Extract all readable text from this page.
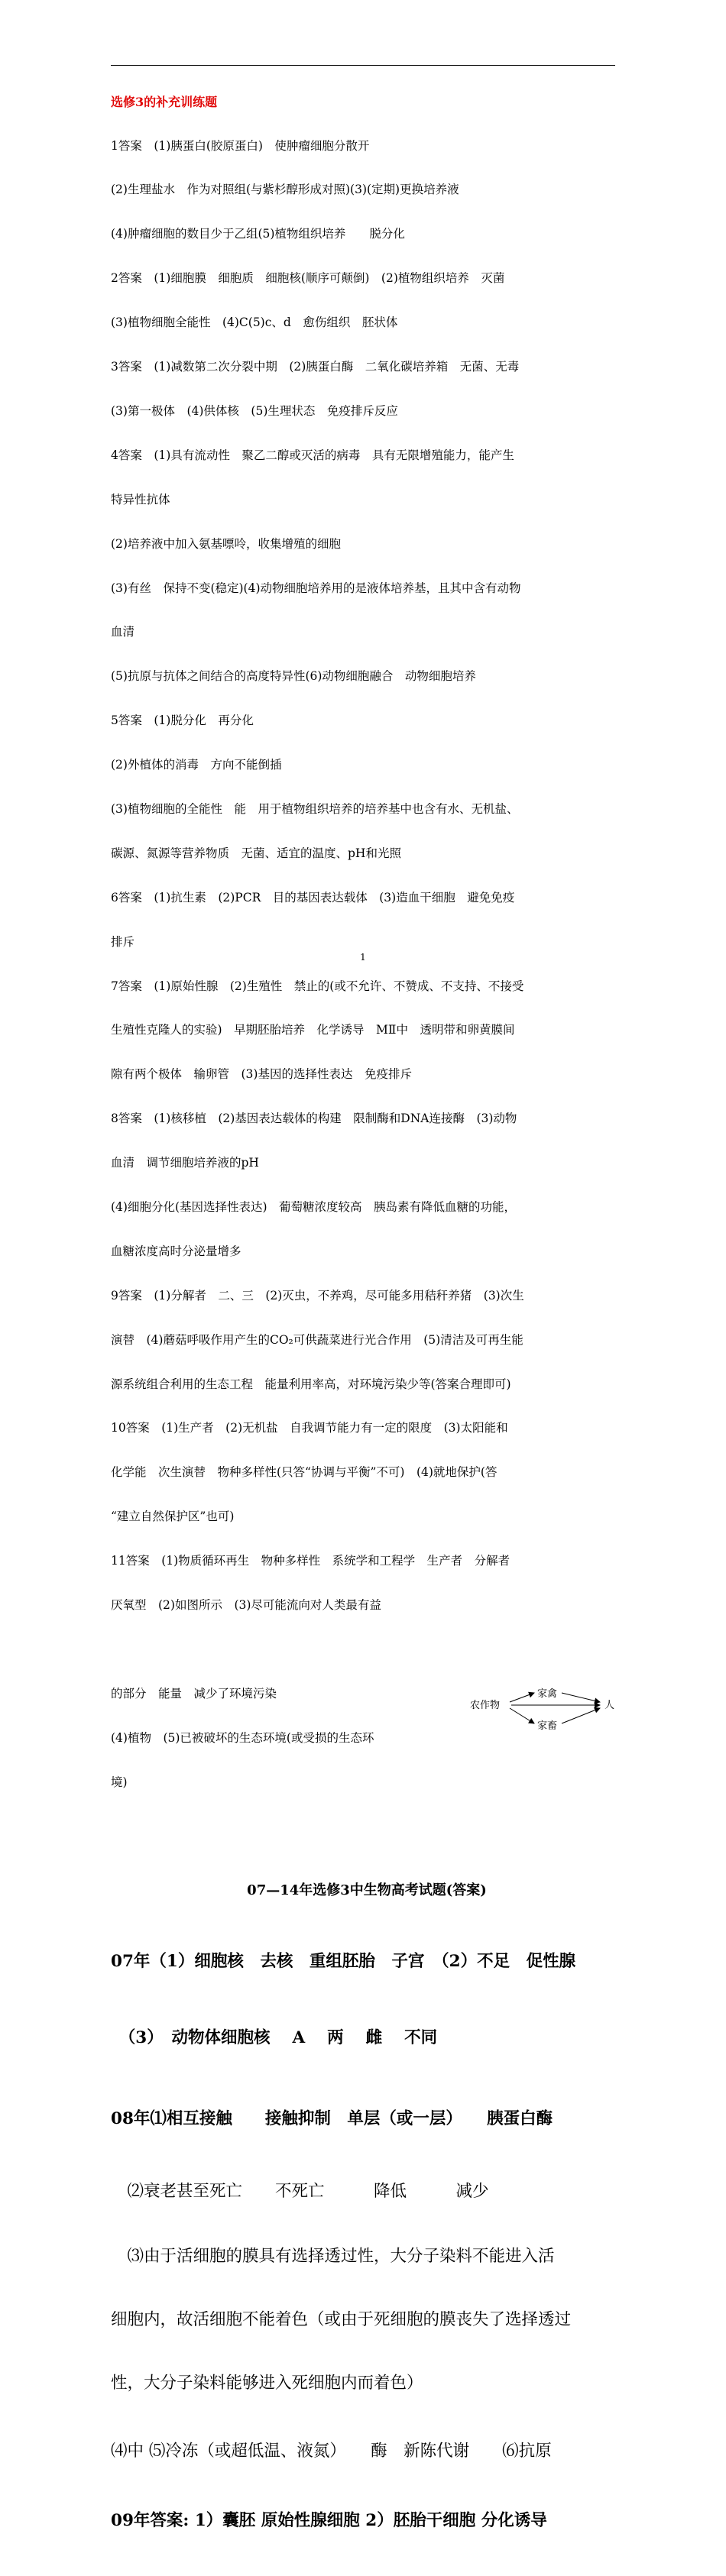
选修3的补充训练题

1答案　(1)胰蛋白(胶原蛋白)　使肿瘤细胞分散开

(2)生理盐水　作为对照组(与紫杉醇形成对照)(3)(定期)更换培养液

(4)肿瘤细胞的数目少于乙组(5)植物组织培养　　脱分化

2答案　(1)细胞膜　细胞质　细胞核(顺序可颠倒)　(2)植物组织培养　灭菌

(3)植物细胞全能性　(4)C(5)c、d　愈伤组织　胚状体

3答案　(1)减数第二次分裂中期　(2)胰蛋白酶　二氧化碳培养箱　无菌、无毒

(3)第一极体　(4)供体核　(5)生理状态　免疫排斥反应

4答案　(1)具有流动性　聚乙二醇或灭活的病毒　具有无限增殖能力，能产生

特异性抗体

(2)培养液中加入氨基嘌呤，收集增殖的细胞

(3)有丝　保持不变(稳定)(4)动物细胞培养用的是液体培养基，且其中含有动物

血清

(5)抗原与抗体之间结合的高度特异性(6)动物细胞融合　动物细胞培养

5答案　(1)脱分化　再分化

(2)外植体的消毒　方向不能倒插

(3)植物细胞的全能性　能　用于植物组织培养的培养基中也含有水、无机盐、

碳源、氮源等营养物质　无菌、适宜的温度、pH和光照

6答案　(1)抗生素　(2)PCR　目的基因表达载体　(3)造血干细胞　避免免疫

排斥

7答案　(1)原始性腺　(2)生殖性　禁止的(或不允许、不赞成、不支持、不接受

生殖性克隆人的实验)　早期胚胎培养　化学诱导　MⅡ中　透明带和卵黄膜间

隙有两个极体　输卵管　(3)基因的选择性表达　免疫排斥

8答案　(1)核移植　(2)基因表达载体的构建　限制酶和DNA连接酶　(3)动物

血清　调节细胞培养液的pH

(4)细胞分化(基因选择性表达)　葡萄糖浓度较高　胰岛素有降低血糖的功能，

血糖浓度高时分泌量增多

9答案　(1)分解者　二、三　(2)灭虫，不养鸡，尽可能多用秸秆养猪　(3)次生

演替　(4)蘑菇呼吸作用产生的CO₂可供蔬菜进行光合作用　(5)清洁及可再生能

源系统组合利用的生态工程　能量利用率高，对环境污染少等(答案合理即可)

10答案　(1)生产者　(2)无机盐　自我调节能力有一定的限度　(3)太阳能和

化学能　次生演替　物种多样性(只答“协调与平衡”不可)　(4)就地保护(答

“建立自然保护区”也可)

11答案　(1)物质循环再生　物种多样性　系统学和工程学　生产者　分解者

厌氧型　(2)如图所示　(3)尽可能流向对人类最有益

的部分　能量　减少了环境污染

(4)植物　(5)已被破坏的生态环境(或受损的生态环

境)

农作物
家禽
家畜
人

07—14年选修3中生物高考试题(答案)

07年（1）细胞核　去核　重组胚胎　子宫　（2）不足　促性腺

　（3）　动物体细胞核　 A　 两　 雌　 不同

08年⑴相互接触　　接触抑制　单层（或一层）　　胰蛋白酶

　⑵衰老甚至死亡　　不死亡　　　降低　　　减少

　⑶由于活细胞的膜具有选择透过性，大分子染料不能进入活

细胞内，故活细胞不能着色（或由于死细胞的膜丧失了选择透过

性，大分子染料能够进入死细胞内而着色）

⑷中 ⑸冷冻（或超低温、液氮）　　酶　新陈代谢　　⑹抗原

09年答案: 1）囊胚 原始性腺细胞 2）胚胎干细胞 分化诱导

1
